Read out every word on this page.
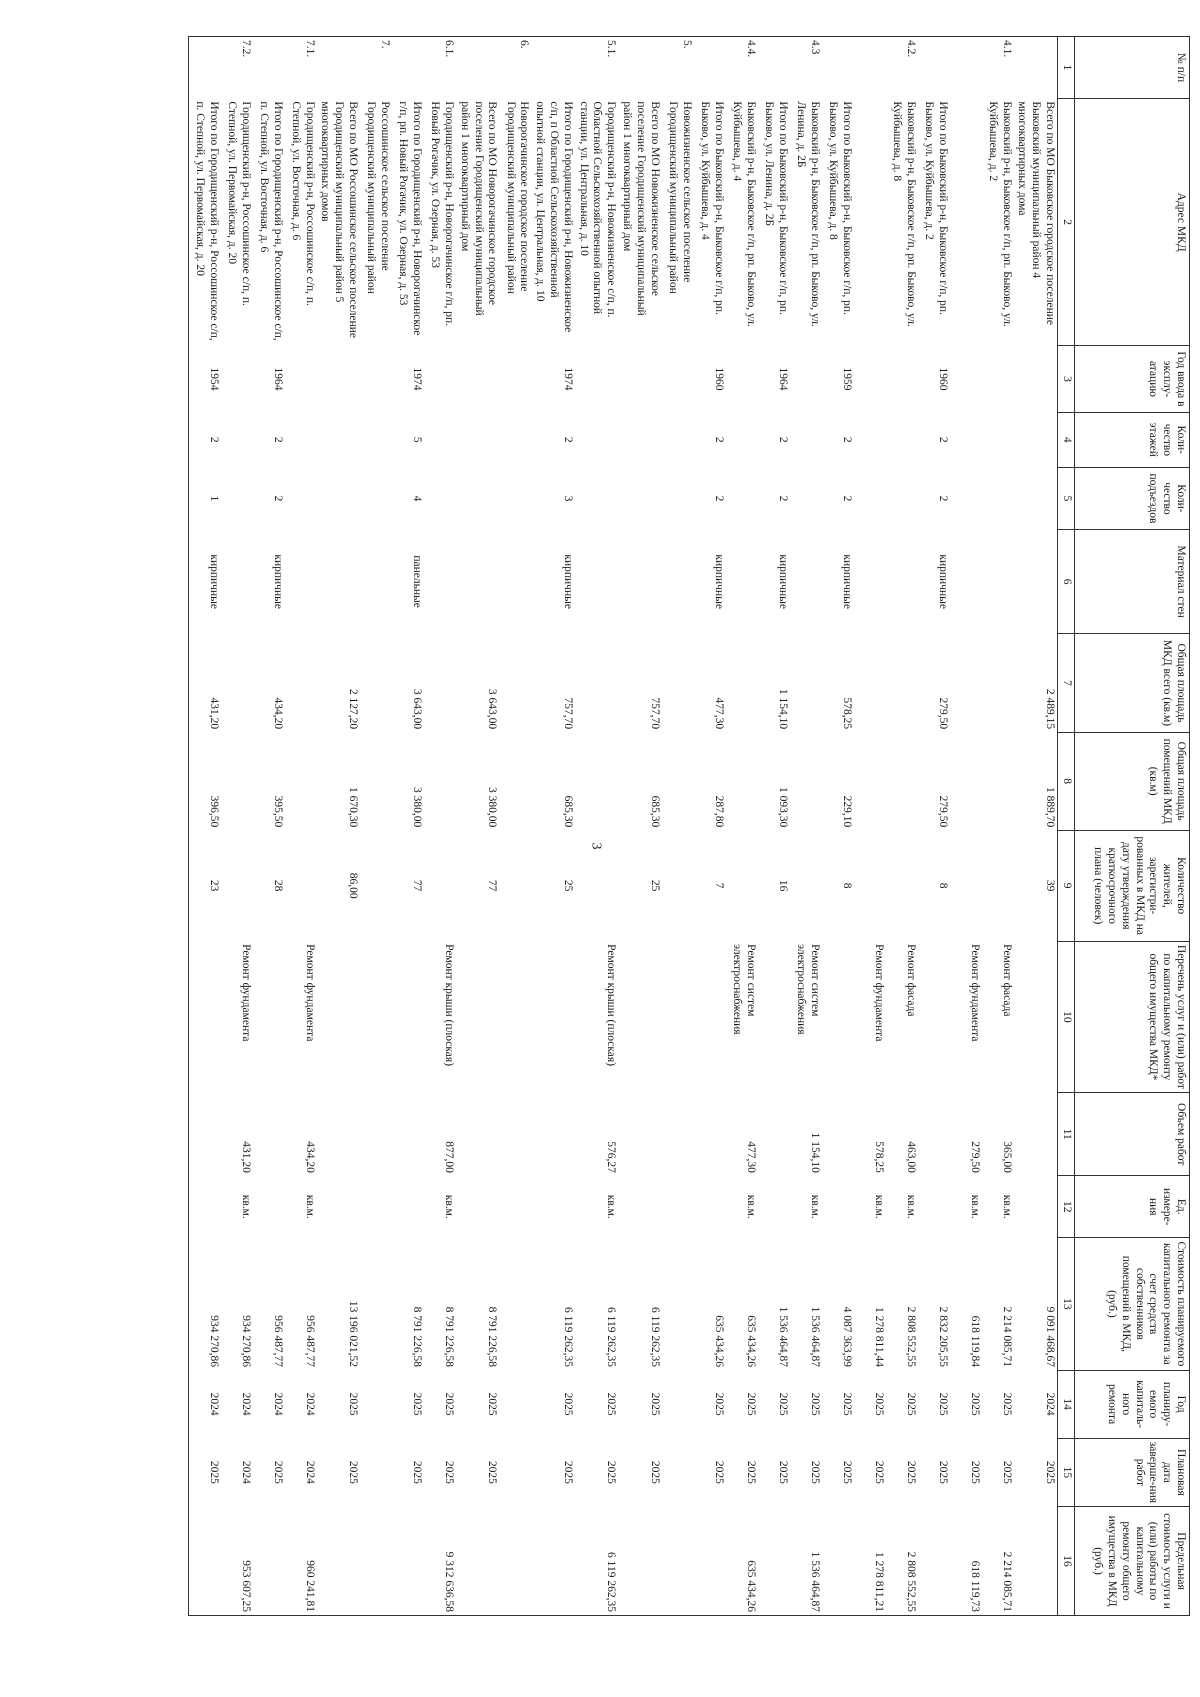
3
№ п/п	Адрес МКД	Год ввода в эксплу-атацию	Коли-чество этажей	Коли-чество подъездов	Материал стен	Общая площадь МКД всего (кв.м)	Общая площадь помещений МКД (кв.м)	Количество жителей, зарегистри-рованных в МКД на дату утверждения краткосрочного плана (человек)	Перечень услуг и (или) работ по капитальному ремонту общего имущества МКД*	Объем работ	Ед. измере-ния	Стоимость планируемого капитального ремонта за счет средств собственников помещений в МКД, (руб.)	Год планиру-емого капиталь-ного ремонта	Плановая дата заверше-ния работ	Предельная стоимость услуги и (или) работы по капитальному ремонту общего имущества в МКД (руб.)
1	2	3	4	5	6	7	8	9	10	11	12	13	14	15	16
	Всего по МО Быковское городское поселение Быковский муниципальный район 4 многоквартирных дома					2 489,15	1 889,70	39				9 091 468,67	2024	2025	
4.1.	Быковский р-н, Быковское г/п, рп. Быково, ул. Куйбышева, д. 2								Ремонт фасада	365,00	кв.м.	2 214 085,71	2025	2025	2 214 085,71
									Ремонт фундамента	279,50	кв.м.	618 119,84	2025	2025	618 119,73
	Итого по Быковский р-н, Быковское г/п, рп. Быково, ул. Куйбышева, д. 2	1960	2	2	кирпичные	279,50	279,50	8				2 832 205,55	2025	2025	
4.2.	Быковский р-н, Быковское г/п, рп. Быково, ул. Куйбышева, д. 8								Ремонт фасада	463,00	кв.м.	2 808 552,55	2025	2025	2 808 552,55
									Ремонт фундамента	578,25	кв.м.	1 278 811,44	2025	2025	1 278 811,21
	Итого по Быковский р-н, Быковское г/п, рп. Быково, ул. Куйбышева, д. 8	1959	2	2	кирпичные	578,25	229,10	8				4 087 363,99	2025	2025	
4.3	Быковский р-н, Быковское г/п, рп. Быково, ул. Ленина, д. 2Б								Ремонт систем электроснабжения	1 154,10	кв.м.	1 536 464,87	2025	2025	1 536 464,87
	Итого по Быковский р-н, Быковское г/п, рп. Быково, ул. Ленина, д. 2Б	1964	2	2	кирпичные	1 154,10	1 093,30	16				1 536 464,87	2025	2025	
4.4.	Быковский р-н, Быковское г/п, рп. Быково, ул. Куйбышева, д. 4								Ремонт систем электроснабжения	477,30	кв.м.	635 434,26	2025	2025	635 434,26
	Итого по Быковский р-н, Быковское г/п, рп. Быково, ул. Куйбышева, д. 4	1960	2	2	кирпичные	477,30	287,80	7				635 434,26	2025	2025	
5.	Новожизненское сельское поселение Городищенский муниципальный район														
	Всего по МО Новожизненское сельское поселение Городищенский муниципальный район 1 многоквартирный дом					757,70	685,30	25				6 119 262,35	2025	2025	
5.1.	Городищенский р-н, Новожизненское с/п, п. Областной Сельскохозяйственной опытной станции, ул. Центральная, д. 10								Ремонт крыши (плоская)	576,27	кв.м.	6 119 262,35	2025	2025	6 119 262,35
	Итого по Городищенский р-н, Новожизненское с/п, п Областной Сельскохозяйственной опытной станции, ул. Центральная, д. 10	1974	2	3	кирпичные	757,70	685,30	25				6 119 262,35	2025	2025	
6.	Новорогачинское городское поселение Городищенский муниципальный район														
	Всего по МО Новорогачинское городское поселение Городищенский муниципальный район 1 многоквартирный дом					3 643,00	3 380,00	77				8 791 226,58	2025	2025	
6.1.	Городищенский р-н, Новорогачинское г/п, рп. Новый Рогачик, ул. Озерная, д. 53								Ремонт крыши (плоская)	877,00	кв.м.	8 791 226,58	2025	2025	9 312 636,58
	Итого по Городищенский р-н, Новорогачинское г/п, рп. Новый Рогачик, ул. Озерная, д. 53	1974	5	4	панельные	3 643,00	3 380,00	77				8 791 226,58	2025	2025	
7.	Россошинское сельское поселение Городищенский муниципальный район														
	Всего по МО Россошинское сельское поселение Городищенский муниципальный район 5 многоквартирных домов					2 127,20	1 670,30	86,00				13 196 021,52	2025	2025	
7.1.	Городищенский р-н, Россошинское с/п, п. Степной, ул. Восточная, д. 6								Ремонт фундамента	434,20	кв.м.	956 487,77	2024	2024	960 241,81
	Итого по Городищенский р-н, Россошинское с/п, п. Степной, ул. Восточная, д. 6	1964	2	2	кирпичные	434,20	395,50	28				956 487,77	2024	2025	
7.2.	Городищенский р-н, Россошинское с/п, п. Степной, ул. Первомайская, д. 20								Ремонт фундамента	431,20	кв.м.	934 270,86	2024	2024	953 607,25
	Итого по Городищенский р-н, Россошинское с/п, п. Степной, ул. Первомайская, д. 20	1954	2	1	кирпичные	431,20	396,50	23				934 270,86	2024	2025	
